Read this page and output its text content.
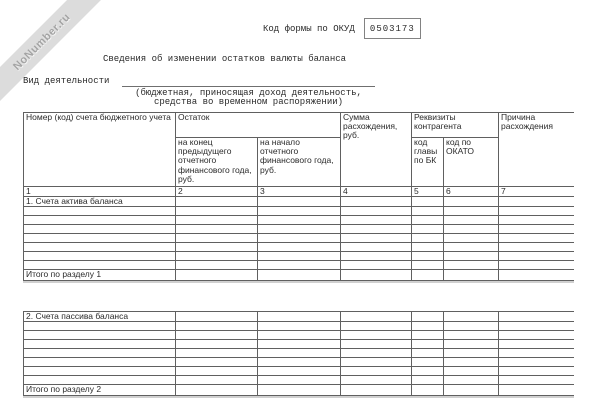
NoNumber.ru	Код формы по ОКУД 0503173
Сведения об изменении остатков валюты баланса
Вид деятельности
(бюджетная, приносящая доход деятельность,
средства во временном распоряжении)
Номер (код) счета бюджетного учета	Остаток		Сумма расхождения, руб.	Реквизиты контрагента		Причина расхождения
	на конец предыдущего отчетного финансового года, руб.	на начало отчетного финансового года, руб.		код главы по БК	код по ОКАТО	
1	2	3	4	5	6	7
1. Счета актива баланса						

Итого по разделу 1						
2. Счета пассива баланса						

Итого по разделу 2						
